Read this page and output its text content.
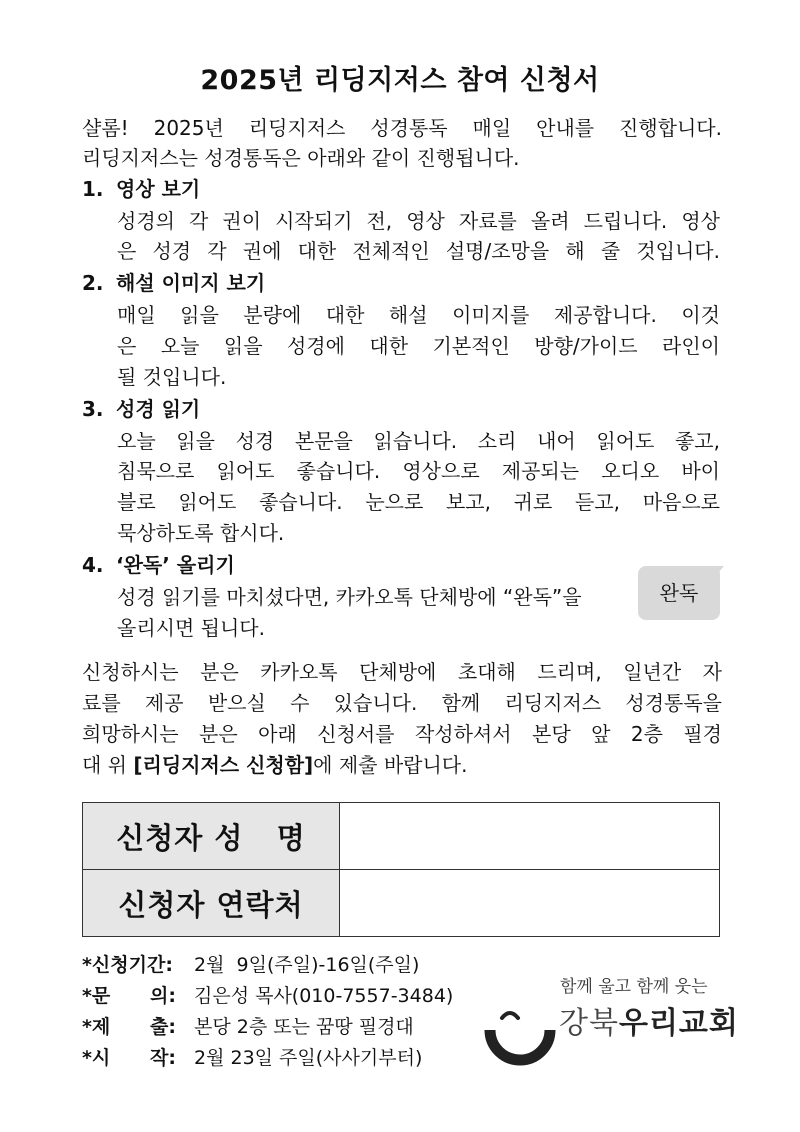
2025년 리딩지저스 참여 신청서
샬롬! 2025년 리딩지저스 성경통독 매일 안내를 진행합니다.
리딩지저스는 성경통독은 아래와 같이 진행됩니다.
1. 영상 보기
성경의 각 권이 시작되기 전, 영상 자료를 올려 드립니다. 영상
은 성경 각 권에 대한 전체적인 설명/조망을 해 줄 것입니다.
2. 해설 이미지 보기
매일 읽을 분량에 대한 해설 이미지를 제공합니다. 이것
은 오늘 읽을 성경에 대한 기본적인 방향/가이드 라인이
될 것입니다.
3. 성경 읽기
오늘 읽을 성경 본문을 읽습니다. 소리 내어 읽어도 좋고,
침묵으로 읽어도 좋습니다. 영상으로 제공되는 오디오 바이
블로 읽어도 좋습니다. 눈으로 보고, 귀로 듣고, 마음으로
묵상하도록 합시다.
4. ‘완독’ 올리기
성경 읽기를 마치셨다면, 카카오톡 단체방에 “완독”을
올리시면 됩니다.
완독
신청하시는 분은 카카오톡 단체방에 초대해 드리며, 일년간 자
료를 제공 받으실 수 있습니다. 함께 리딩지저스 성경통독을
희망하시는 분은 아래 신청서를 작성하셔서 본당 앞 2층 필경
대 위 [리딩지저스 신청함]에 제출 바랍니다.
신청자 성   명	
신청자 연락처	
*신청기간: 2월  9일(주일)-16일(주일)
*문      의: 김은성 목사(010-7557-3484)
*제      출: 본당 2층 또는 꿈땅 필경대
*시      작: 2월 23일 주일(사사기부터)
함께 울고 함께 웃는
강북우리교회
